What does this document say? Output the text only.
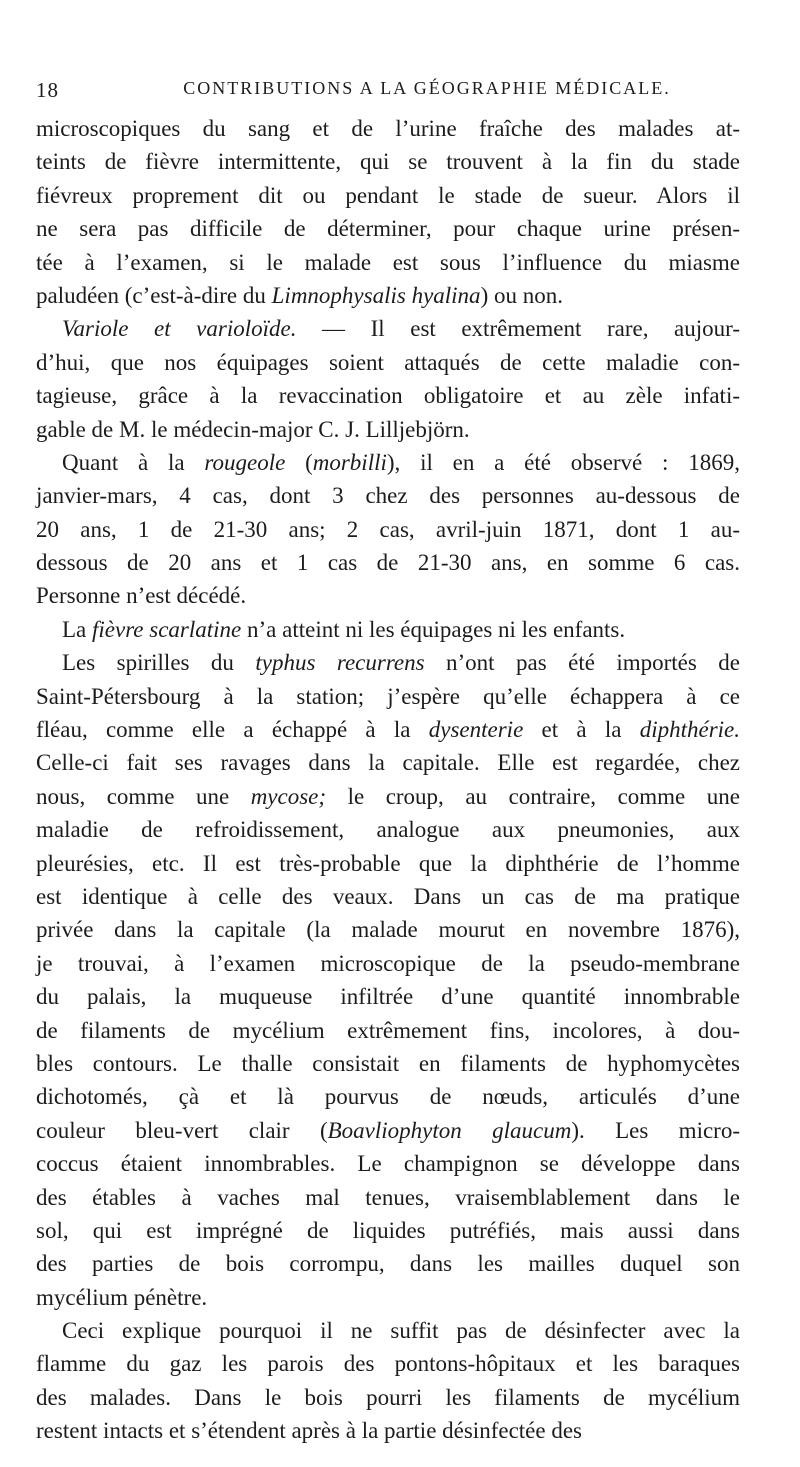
18	CONTRIBUTIONS A LA GÉOGRAPHIE MÉDICALE.
microscopiques du sang et de l’urine fraîche des malades at-
teints de fièvre intermittente, qui se trouvent à la fin du stade
fiévreux proprement dit ou pendant le stade de sueur. Alors il
ne sera pas difficile de déterminer, pour chaque urine présen-
tée à l’examen, si le malade est sous l’influence du miasme
paludéen (c’est-à-dire du Limnophysalis hyalina) ou non.
Variole et varioloïde. — Il est extrêmement rare, aujour-
d’hui, que nos équipages soient attaqués de cette maladie con-
tagieuse, grâce à la revaccination obligatoire et au zèle infati-
gable de M. le médecin-major C. J. Lilljebjörn.
Quant à la rougeole (morbilli), il en a été observé : 1869,
janvier-mars, 4 cas, dont 3 chez des personnes au-dessous de
20 ans, 1 de 21-30 ans; 2 cas, avril-juin 1871, dont 1 au-
dessous de 20 ans et 1 cas de 21-30 ans, en somme 6 cas.
Personne n’est décédé.
La fièvre scarlatine n’a atteint ni les équipages ni les enfants.
Les spirilles du typhus recurrens n’ont pas été importés de
Saint-Pétersbourg à la station; j’espère qu’elle échappera à ce
fléau, comme elle a échappé à la dysenterie et à la diphthérie.
Celle-ci fait ses ravages dans la capitale. Elle est regardée, chez
nous, comme une mycose; le croup, au contraire, comme une
maladie de refroidissement, analogue aux pneumonies, aux
pleurésies, etc. Il est très-probable que la diphthérie de l’homme
est identique à celle des veaux. Dans un cas de ma pratique
privée dans la capitale (la malade mourut en novembre 1876),
je trouvai, à l’examen microscopique de la pseudo-membrane
du palais, la muqueuse infiltrée d’une quantité innombrable
de filaments de mycélium extrêmement fins, incolores, à dou-
bles contours. Le thalle consistait en filaments de hyphomycètes
dichotomés, çà et là pourvus de nœuds, articulés d’une
couleur bleu-vert clair (Boavliophyton glaucum). Les micro-
coccus étaient innombrables. Le champignon se développe dans
des étables à vaches mal tenues, vraisemblablement dans le
sol, qui est imprégné de liquides putréfiés, mais aussi dans
des parties de bois corrompu, dans les mailles duquel son
mycélium pénètre.
Ceci explique pourquoi il ne suffit pas de désinfecter avec la
flamme du gaz les parois des pontons-hôpitaux et les baraques
des malades. Dans le bois pourri les filaments de mycélium
restent intacts et s’étendent après à la partie désinfectée des
